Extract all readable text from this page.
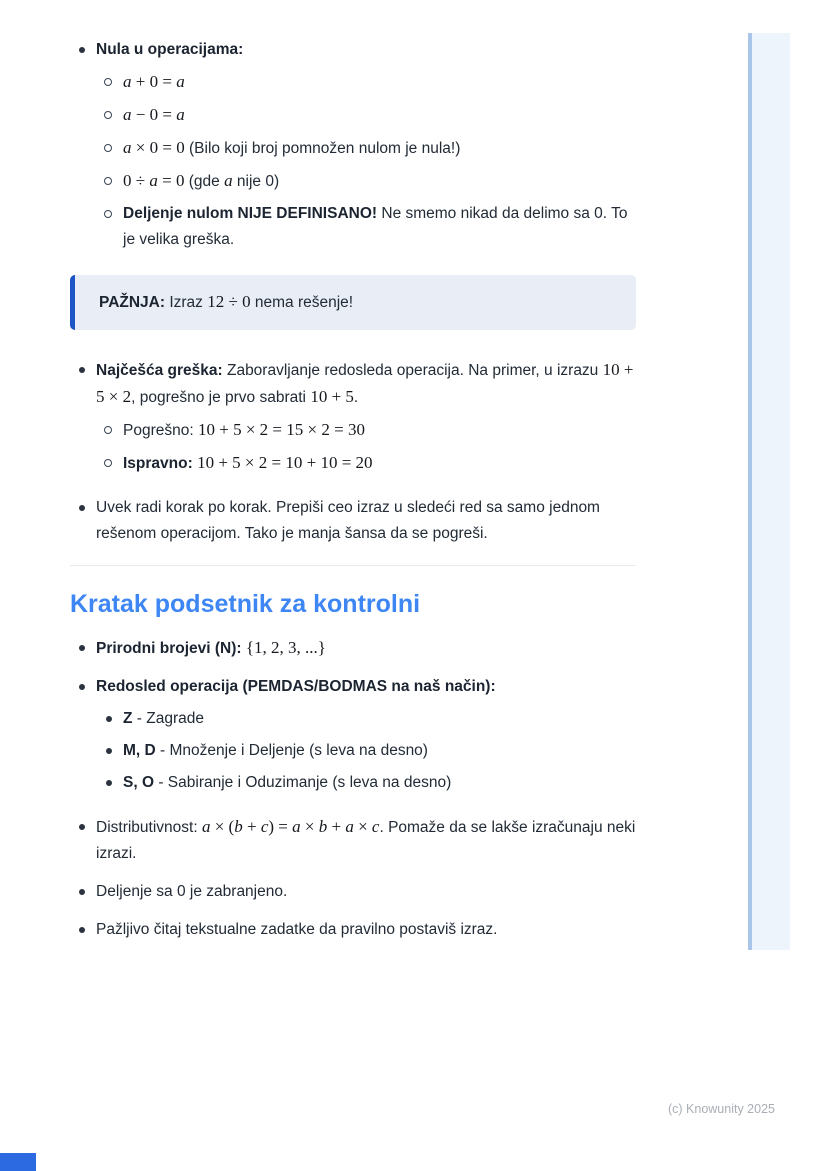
Nula u operacijama:
a + 0 = a
a − 0 = a
a × 0 = 0 (Bilo koji broj pomnožen nulom je nula!)
0 ÷ a = 0 (gde a nije 0)
Deljenje nulom NIJE DEFINISANO! Ne smemo nikad da delimo sa 0. To je velika greška.
PAŽNJA: Izraz 12 ÷ 0 nema rešenje!
Najčešća greška: Zaboravljanje redosleda operacija. Na primer, u izrazu 10 + 5 × 2, pogrešno je prvo sabrati 10 + 5.
Pogrešno: 10 + 5 × 2 = 15 × 2 = 30
Ispravno: 10 + 5 × 2 = 10 + 10 = 20
Uvek radi korak po korak. Prepiši ceo izraz u sledeći red sa samo jednom rešenom operacijom. Tako je manja šansa da se pogreši.
Kratak podsetnik za kontrolni
Prirodni brojevi (N): {1, 2, 3, ...}
Redosled operacija (PEMDAS/BODMAS na naš način):
Z - Zagrade
M, D - Množenje i Deljenje (s leva na desno)
S, O - Sabiranje i Oduzimanje (s leva na desno)
Distributivnost: a × (b + c) = a × b + a × c. Pomaže da se lakše izračunaju neki izrazi.
Deljenje sa 0 je zabranjeno.
Pažljivo čitaj tekstualne zadatke da pravilno postaviš izraz.
(c) Knowunity 2025
